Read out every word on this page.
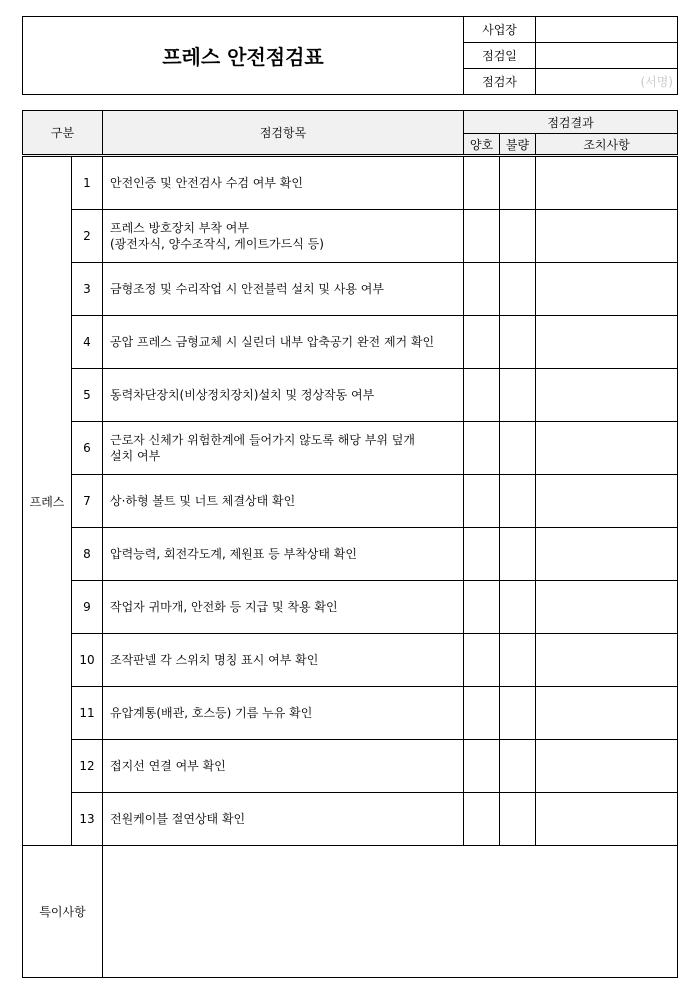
프레스 안전점검표	사업장	
	점검일	
	점검자	(서명)
구분		점검항목	점검결과		
			양호	불량	조치사항
프레스	1	안전인증 및 안전검사 수검 여부 확인			

	2	프레스 방호장치 부착 여부
(광전자식, 양수조작식, 게이트가드식 등)			

	3	금형조정 및 수리작업 시 안전블럭 설치 및 사용 여부			

	4	공압 프레스 금형교체 시 실린더 내부 압축공기 완전 제거 확인			

	5	동력차단장치(비상정치장치)설치 및 정상작동 여부			

	6	근로자 신체가 위험한계에 들어가지 않도록 해당 부위 덮개
설치 여부			

	7	상·하형 볼트 및 너트 체결상태 확인			

	8	압력능력, 회전각도계, 제원표 등 부착상태 확인			

	9	작업자 귀마개, 안전화 등 지급 및 착용 확인			

	10	조작판넬 각 스위치 명칭 표시 여부 확인			

	11	유압계통(배관, 호스등) 기름 누유 확인			

	12	접지선 연결 여부 확인			

	13	전원케이블 절연상태 확인			

특이사항					
